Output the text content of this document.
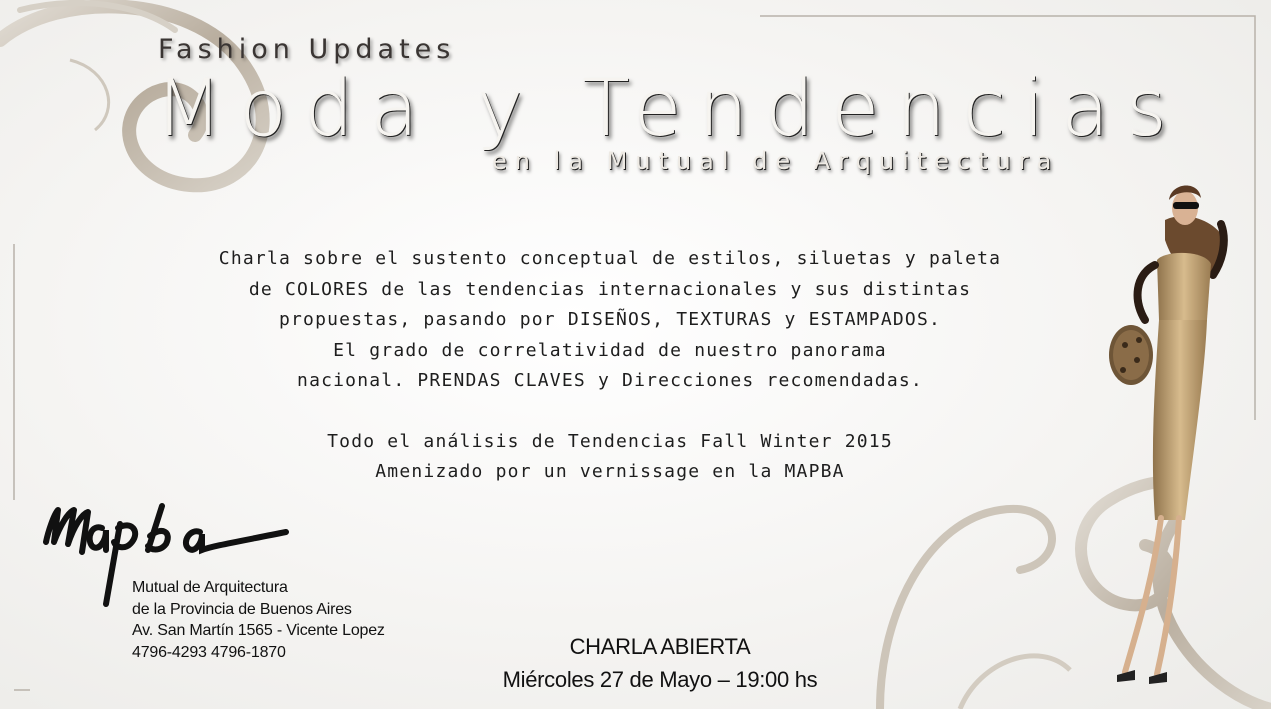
Fashion Updates
Moda y Tendencias
en la Mutual de Arquitectura
Charla sobre el sustento conceptual de estilos, siluetas y paleta
de COLORES de las tendencias internacionales y sus distintas
propuestas, pasando por DISEÑOS, TEXTURAS y ESTAMPADOS.
El grado de correlatividad de nuestro panorama
nacional. PRENDAS CLAVES y Direcciones recomendadas.
Todo el análisis de Tendencias Fall Winter 2015
Amenizado por un vernissage en la MAPBA
Mutual de Arquitectura
de la Provincia de Buenos Aires
Av. San Martín 1565 - Vicente Lopez
4796-4293 4796-1870	CHARLA ABIERTA
Miércoles 27 de Mayo – 19:00 hs
